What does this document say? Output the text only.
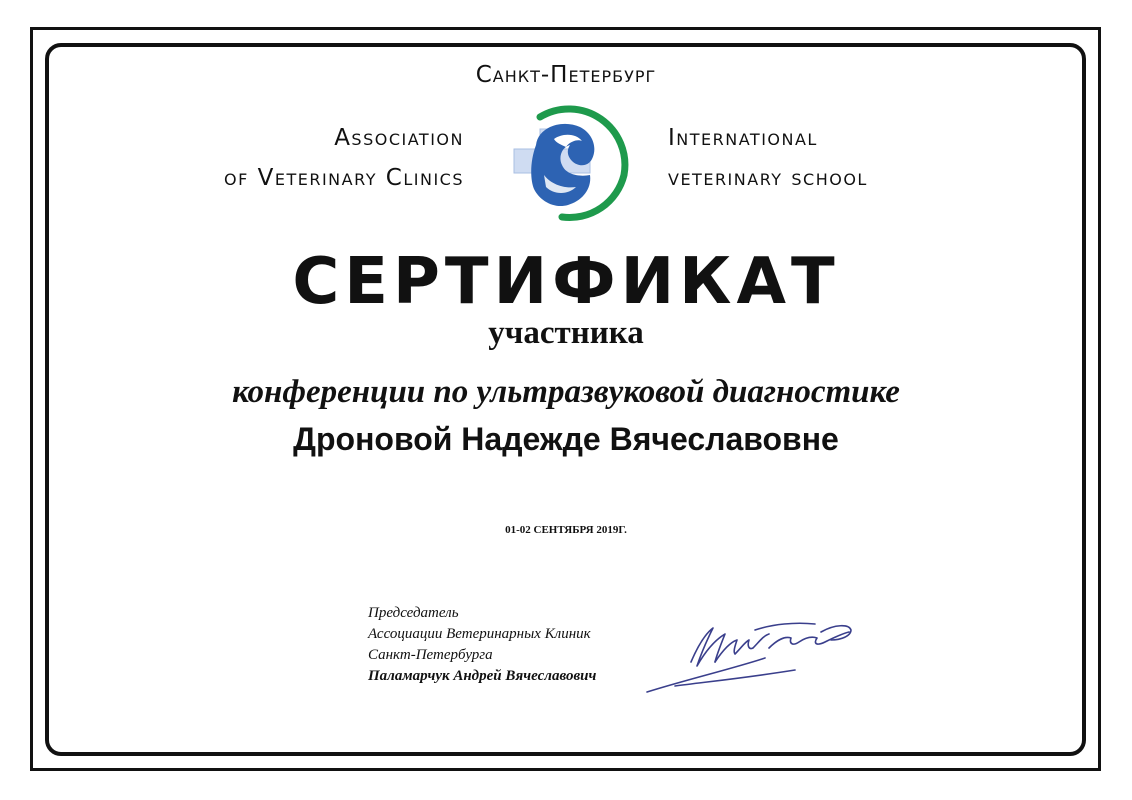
Санкт-Петербург
Association
of Veterinary Clinics
International
veterinary school
СЕРТИФИКАТ
участника
конференции по ультразвуковой диагностике
Дроновой Надежде Вячеславовне
01-02 СЕНТЯБРЯ 2019Г.
Председатель
Ассоциации Ветеринарных Клиник
Санкт-Петербурга
Паламарчук Андрей Вячеславович
